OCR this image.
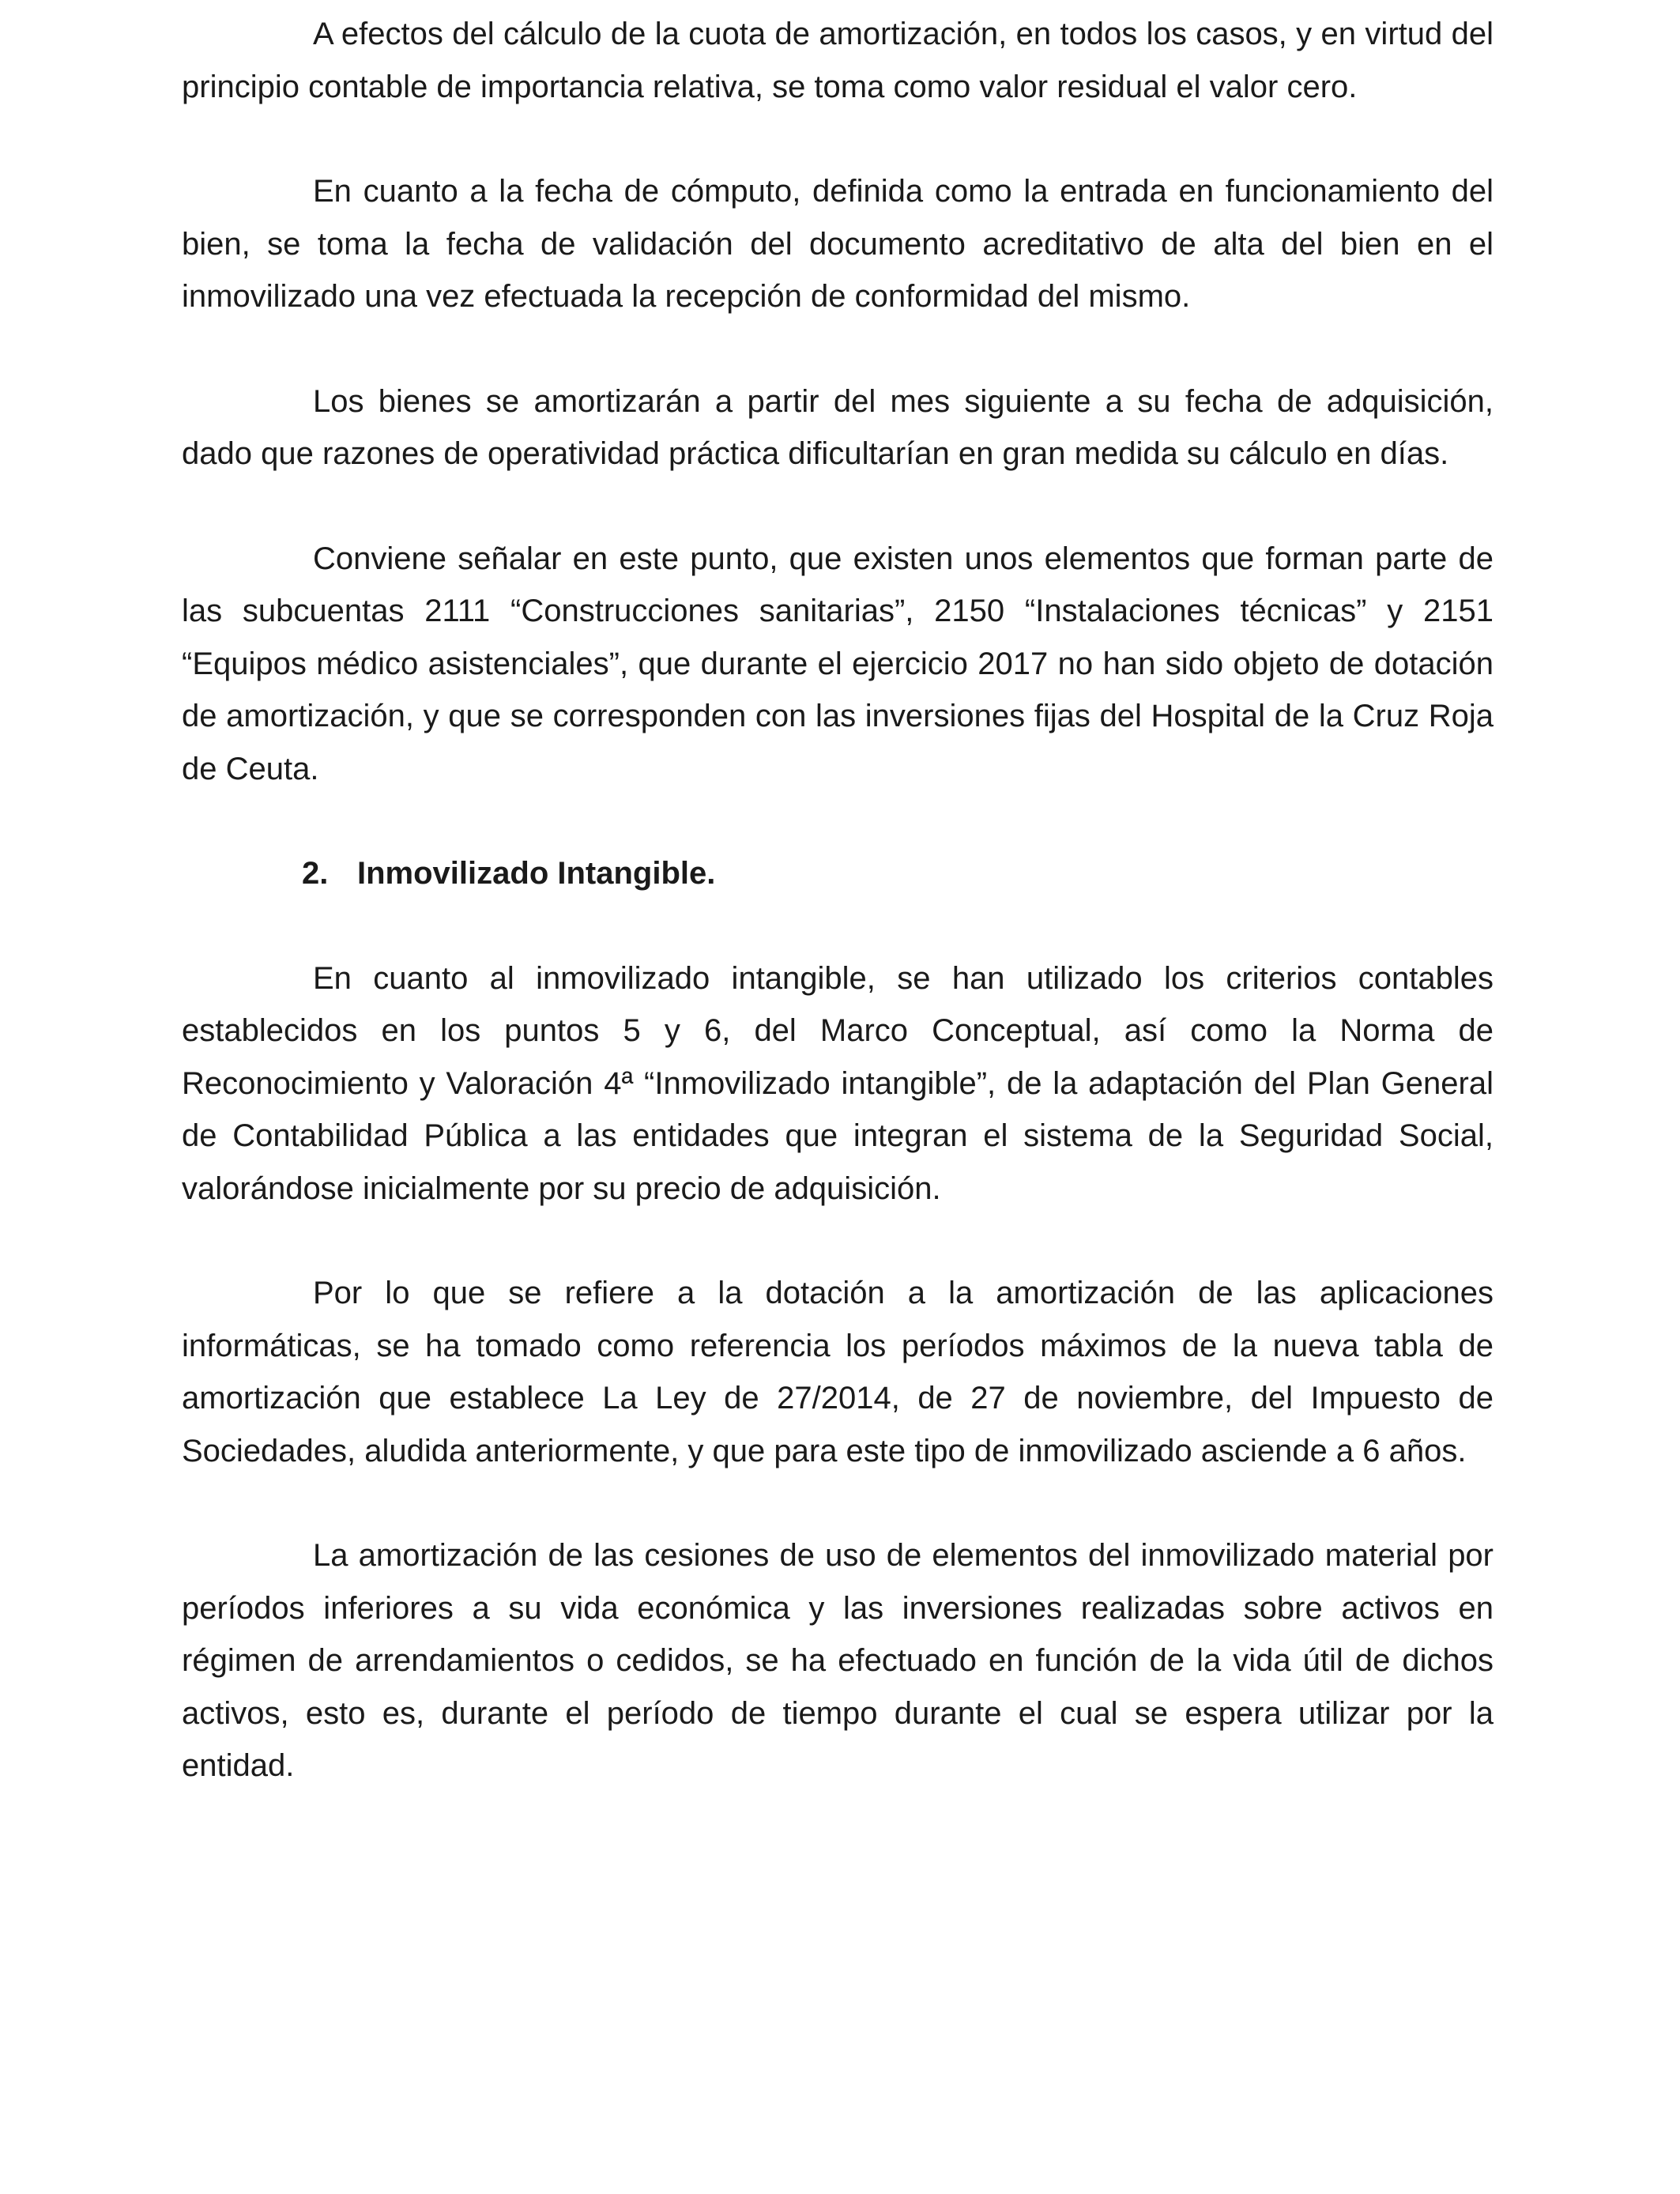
A efectos del cálculo de la cuota de amortización, en todos los casos, y en virtud del principio contable de importancia relativa, se toma como valor residual el valor cero.

En cuanto a la fecha de cómputo, definida como la entrada en funcionamiento del bien, se toma la fecha de validación del documento acreditativo de alta del bien en el inmovilizado una vez efectuada la recepción de conformidad del mismo.

Los bienes se amortizarán a partir del mes siguiente a su fecha de adquisición, dado que razones de operatividad práctica dificultarían en gran medida su cálculo en días.

Conviene señalar en este punto, que existen unos elementos que forman parte de las subcuentas 2111 “Construcciones sanitarias”, 2150 “Instalaciones técnicas” y 2151 “Equipos médico asistenciales”, que durante el ejercicio 2017 no han sido objeto de dotación de amortización, y que se corresponden con las inversiones fijas del Hospital de la Cruz Roja de Ceuta.

2. Inmovilizado Intangible.

En cuanto al inmovilizado intangible, se han utilizado los criterios contables establecidos en los puntos 5 y 6, del Marco Conceptual, así como la Norma de Reconocimiento y Valoración 4ª “Inmovilizado intangible”, de la adaptación del Plan General de Contabilidad Pública a las entidades que integran el sistema de la Seguridad Social, valorándose inicialmente por su precio de adquisición.

Por lo que se refiere a la dotación a la amortización de las aplicaciones informáticas, se ha tomado como referencia los períodos máximos de la nueva tabla de amortización que establece La Ley de 27/2014, de 27 de noviembre, del Impuesto de Sociedades, aludida anteriormente, y que para este tipo de inmovilizado asciende a 6 años.

La amortización de las cesiones de uso de elementos del inmovilizado material por períodos inferiores a su vida económica y las inversiones realizadas sobre activos en régimen de arrendamientos o cedidos, se ha efectuado en función de la vida útil de dichos activos, esto es, durante el período de tiempo durante el cual se espera utilizar por la entidad.
